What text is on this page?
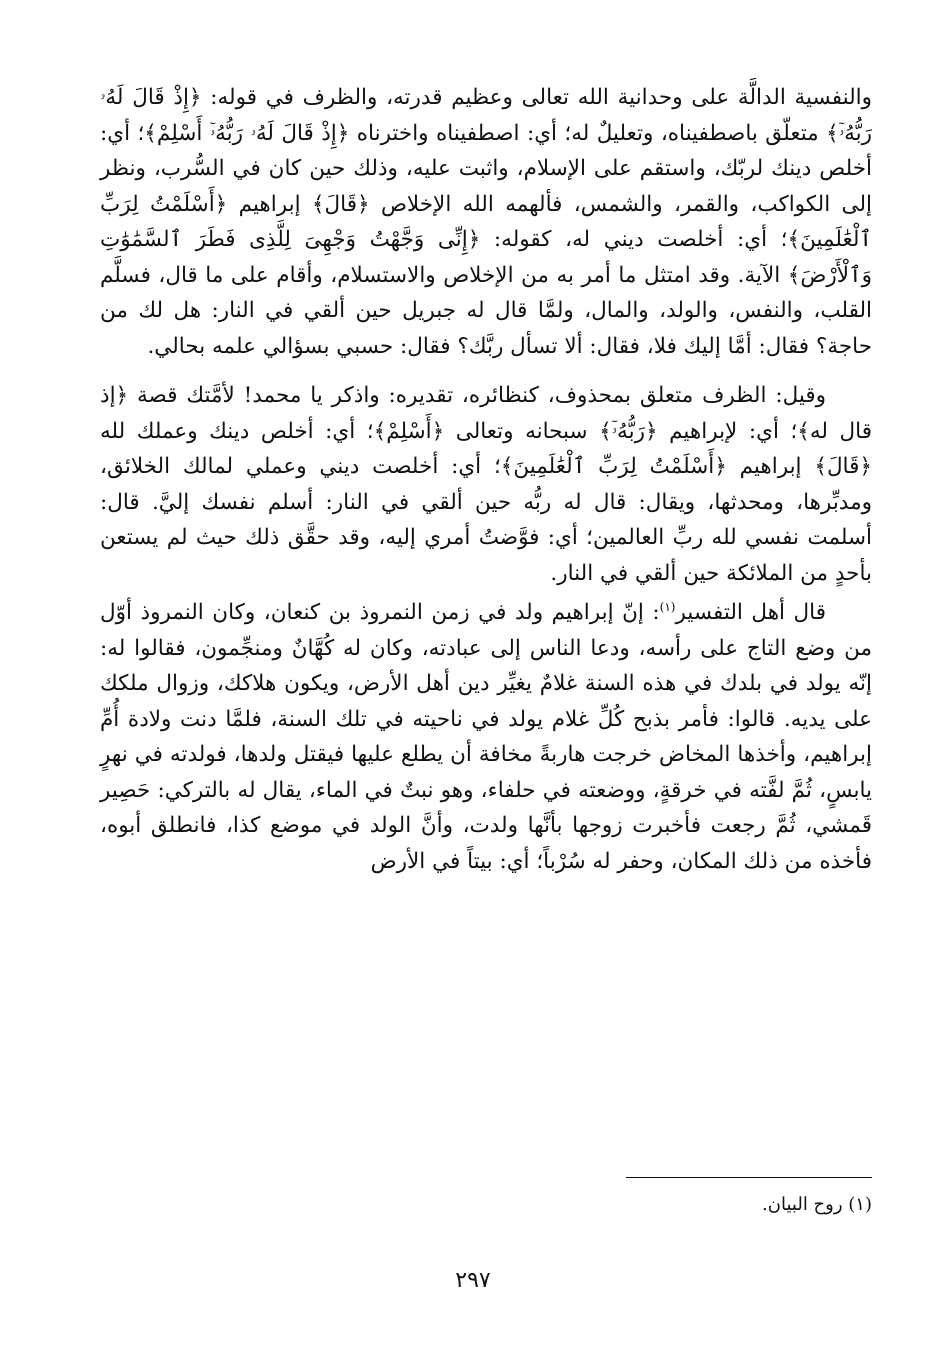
والنفسية الدالَّة على وحدانية الله تعالى وعظيم قدرته، والظرف في قوله: ﴿إِذْ قَالَ لَهُۥ رَبُّهُۥٓ﴾ متعلّق باصطفيناه، وتعليلٌ له؛ أي: اصطفيناه واخترناه ﴿إِذْ قَالَ لَهُۥ رَبُّهُۥٓ أَسْلِمْ﴾؛ أي: أخلص دينك لربّك، واستقم على الإسلام، واثبت عليه، وذلك حين كان في السُّرب، ونظر إلى الكواكب، والقمر، والشمس، فألهمه الله الإخلاص ﴿قَالَ﴾ إبراهيم ﴿أَسْلَمْتُ لِرَبِّ ٱلْعَٰلَمِينَ﴾؛ أي: أخلصت ديني له، كقوله: ﴿إِنِّى وَجَّهْتُ وَجْهِىَ لِلَّذِى فَطَرَ ٱلسَّمَٰوَٰتِ وَٱلْأَرْضَ﴾ الآية. وقد امتثل ما أمر به من الإخلاص والاستسلام، وأقام على ما قال، فسلَّم القلب، والنفس، والولد، والمال، ولمَّا قال له جبريل حين ألقي في النار: هل لك من حاجة؟ فقال: أمَّا إليك فلا، فقال: ألا تسأل ربَّك؟ فقال: حسبي بسؤالي علمه بحالي.

وقيل: الظرف متعلق بمحذوف، كنظائره، تقديره: واذكر يا محمد! لأمَّتك قصة ﴿إذ قال له﴾؛ أي: لإبراهيم ﴿رَبُّهُۥٓ﴾ سبحانه وتعالى ﴿أَسْلِمْ﴾؛ أي: أخلص دينك وعملك لله ﴿قَالَ﴾ إبراهيم ﴿أَسْلَمْتُ لِرَبِّ ٱلْعَٰلَمِينَ﴾؛ أي: أخلصت ديني وعملي لمالك الخلائق، ومدبِّرها، ومحدثها، ويقال: قال له ربُّه حين ألقي في النار: أسلم نفسك إليَّ. قال: أسلمت نفسي لله ربِّ العالمين؛ أي: فوَّضتُ أمري إليه، وقد حقَّق ذلك حيث لم يستعن بأحدٍ من الملائكة حين ألقي في النار.

قال أهل التفسير$^{(١)}$: إنّ إبراهيم ولد في زمن النمروذ بن كنعان، وكان النمروذ أوّل من وضع التاج على رأسه، ودعا الناس إلى عبادته، وكان له كُهَّانٌ ومنجِّمون، فقالوا له: إنّه يولد في بلدك في هذه السنة غلامٌ يغيِّر دين أهل الأرض، ويكون هلاكك، وزوال ملكك على يديه. قالوا: فأمر بذبح كُلِّ غلام يولد في ناحيته في تلك السنة، فلمَّا دنت ولادة أُمِّ إبراهيم، وأخذها المخاض خرجت هاربةً مخافة أن يطلع عليها فيقتل ولدها، فولدته في نهرٍ يابسٍ، ثُمَّ لفَّته في خرقةٍ، ووضعته في حلفاء، وهو نبتٌ في الماء، يقال له بالتركي: حَصِير قَمشي، ثُمَّ رجعت فأخبرت زوجها بأنَّها ولدت، وأنَّ الولد في موضع كذا، فانطلق أبوه، فأخذه من ذلك المكان، وحفر له سُرْباً؛ أي: بيتاً في الأرض

(١) روح البيان.
٢٩٧
